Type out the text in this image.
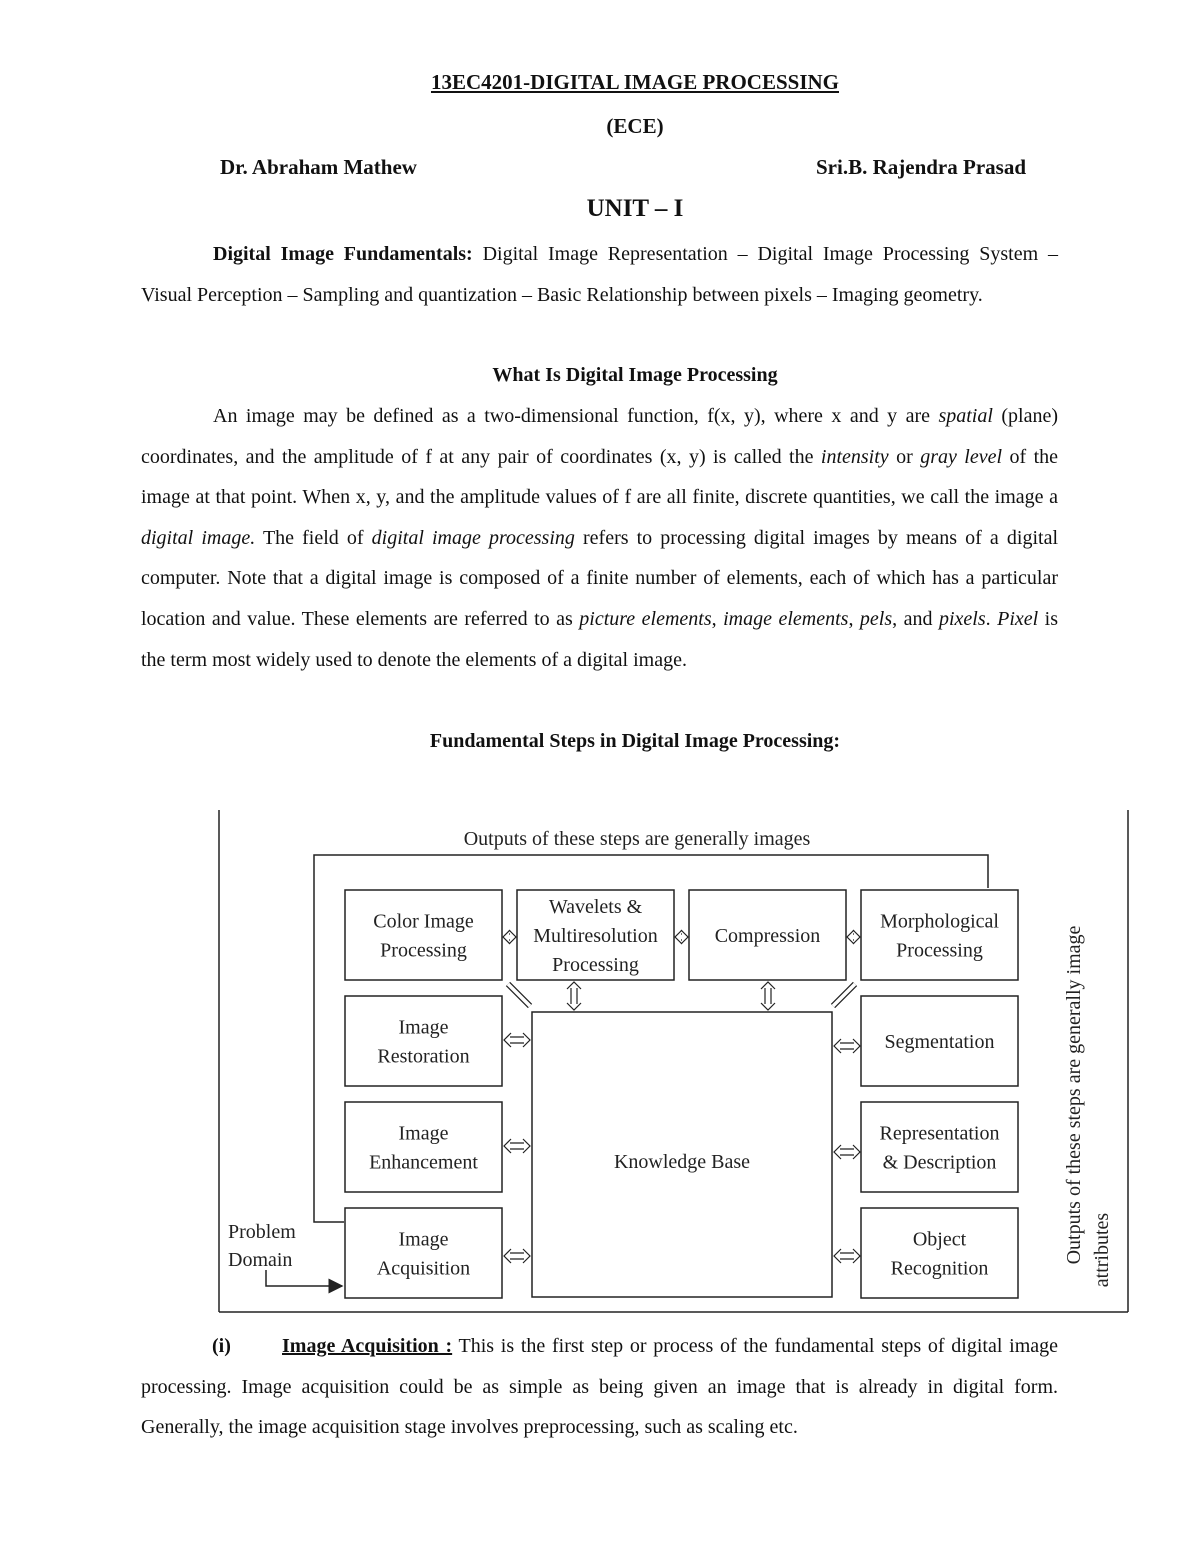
13EC4201-DIGITAL IMAGE PROCESSING
(ECE)
Dr. Abraham Mathew	Sri.B. Rajendra Prasad
UNIT – I
Digital Image Fundamentals: Digital Image Representation – Digital Image Processing System – Visual Perception – Sampling and quantization – Basic Relationship between pixels – Imaging geometry.
What Is Digital Image Processing
An image may be defined as a two-dimensional function, f(x, y), where x and y are spatial (plane) coordinates, and the amplitude of f at any pair of coordinates (x, y) is called the intensity or gray level of the image at that point. When x, y, and the amplitude values of f are all finite, discrete quantities, we call the image a digital image. The field of digital image processing refers to processing digital images by means of a digital computer. Note that a digital image is composed of a finite number of elements, each of which has a particular location and value. These elements are referred to as picture elements, image elements, pels, and pixels. Pixel is the term most widely used to denote the elements of a digital image.
Fundamental Steps in Digital Image Processing:
Outputs of these steps are generally images
Problem
Domain
Knowledge Base
Color Image
Processing
Wavelets &
Multiresolution
Processing
Compression
Morphological
Processing
Image
Restoration
Image
Enhancement
Image
Acquisition
Segmentation
Representation
& Description
Object
Recognition
Outputs of these steps are generally image attributes
(i)	Image Acquisition : This is the first step or process of the fundamental steps of digital image processing. Image acquisition could be as simple as being given an image that is already in digital form. Generally, the image acquisition stage involves preprocessing, such as scaling etc.
